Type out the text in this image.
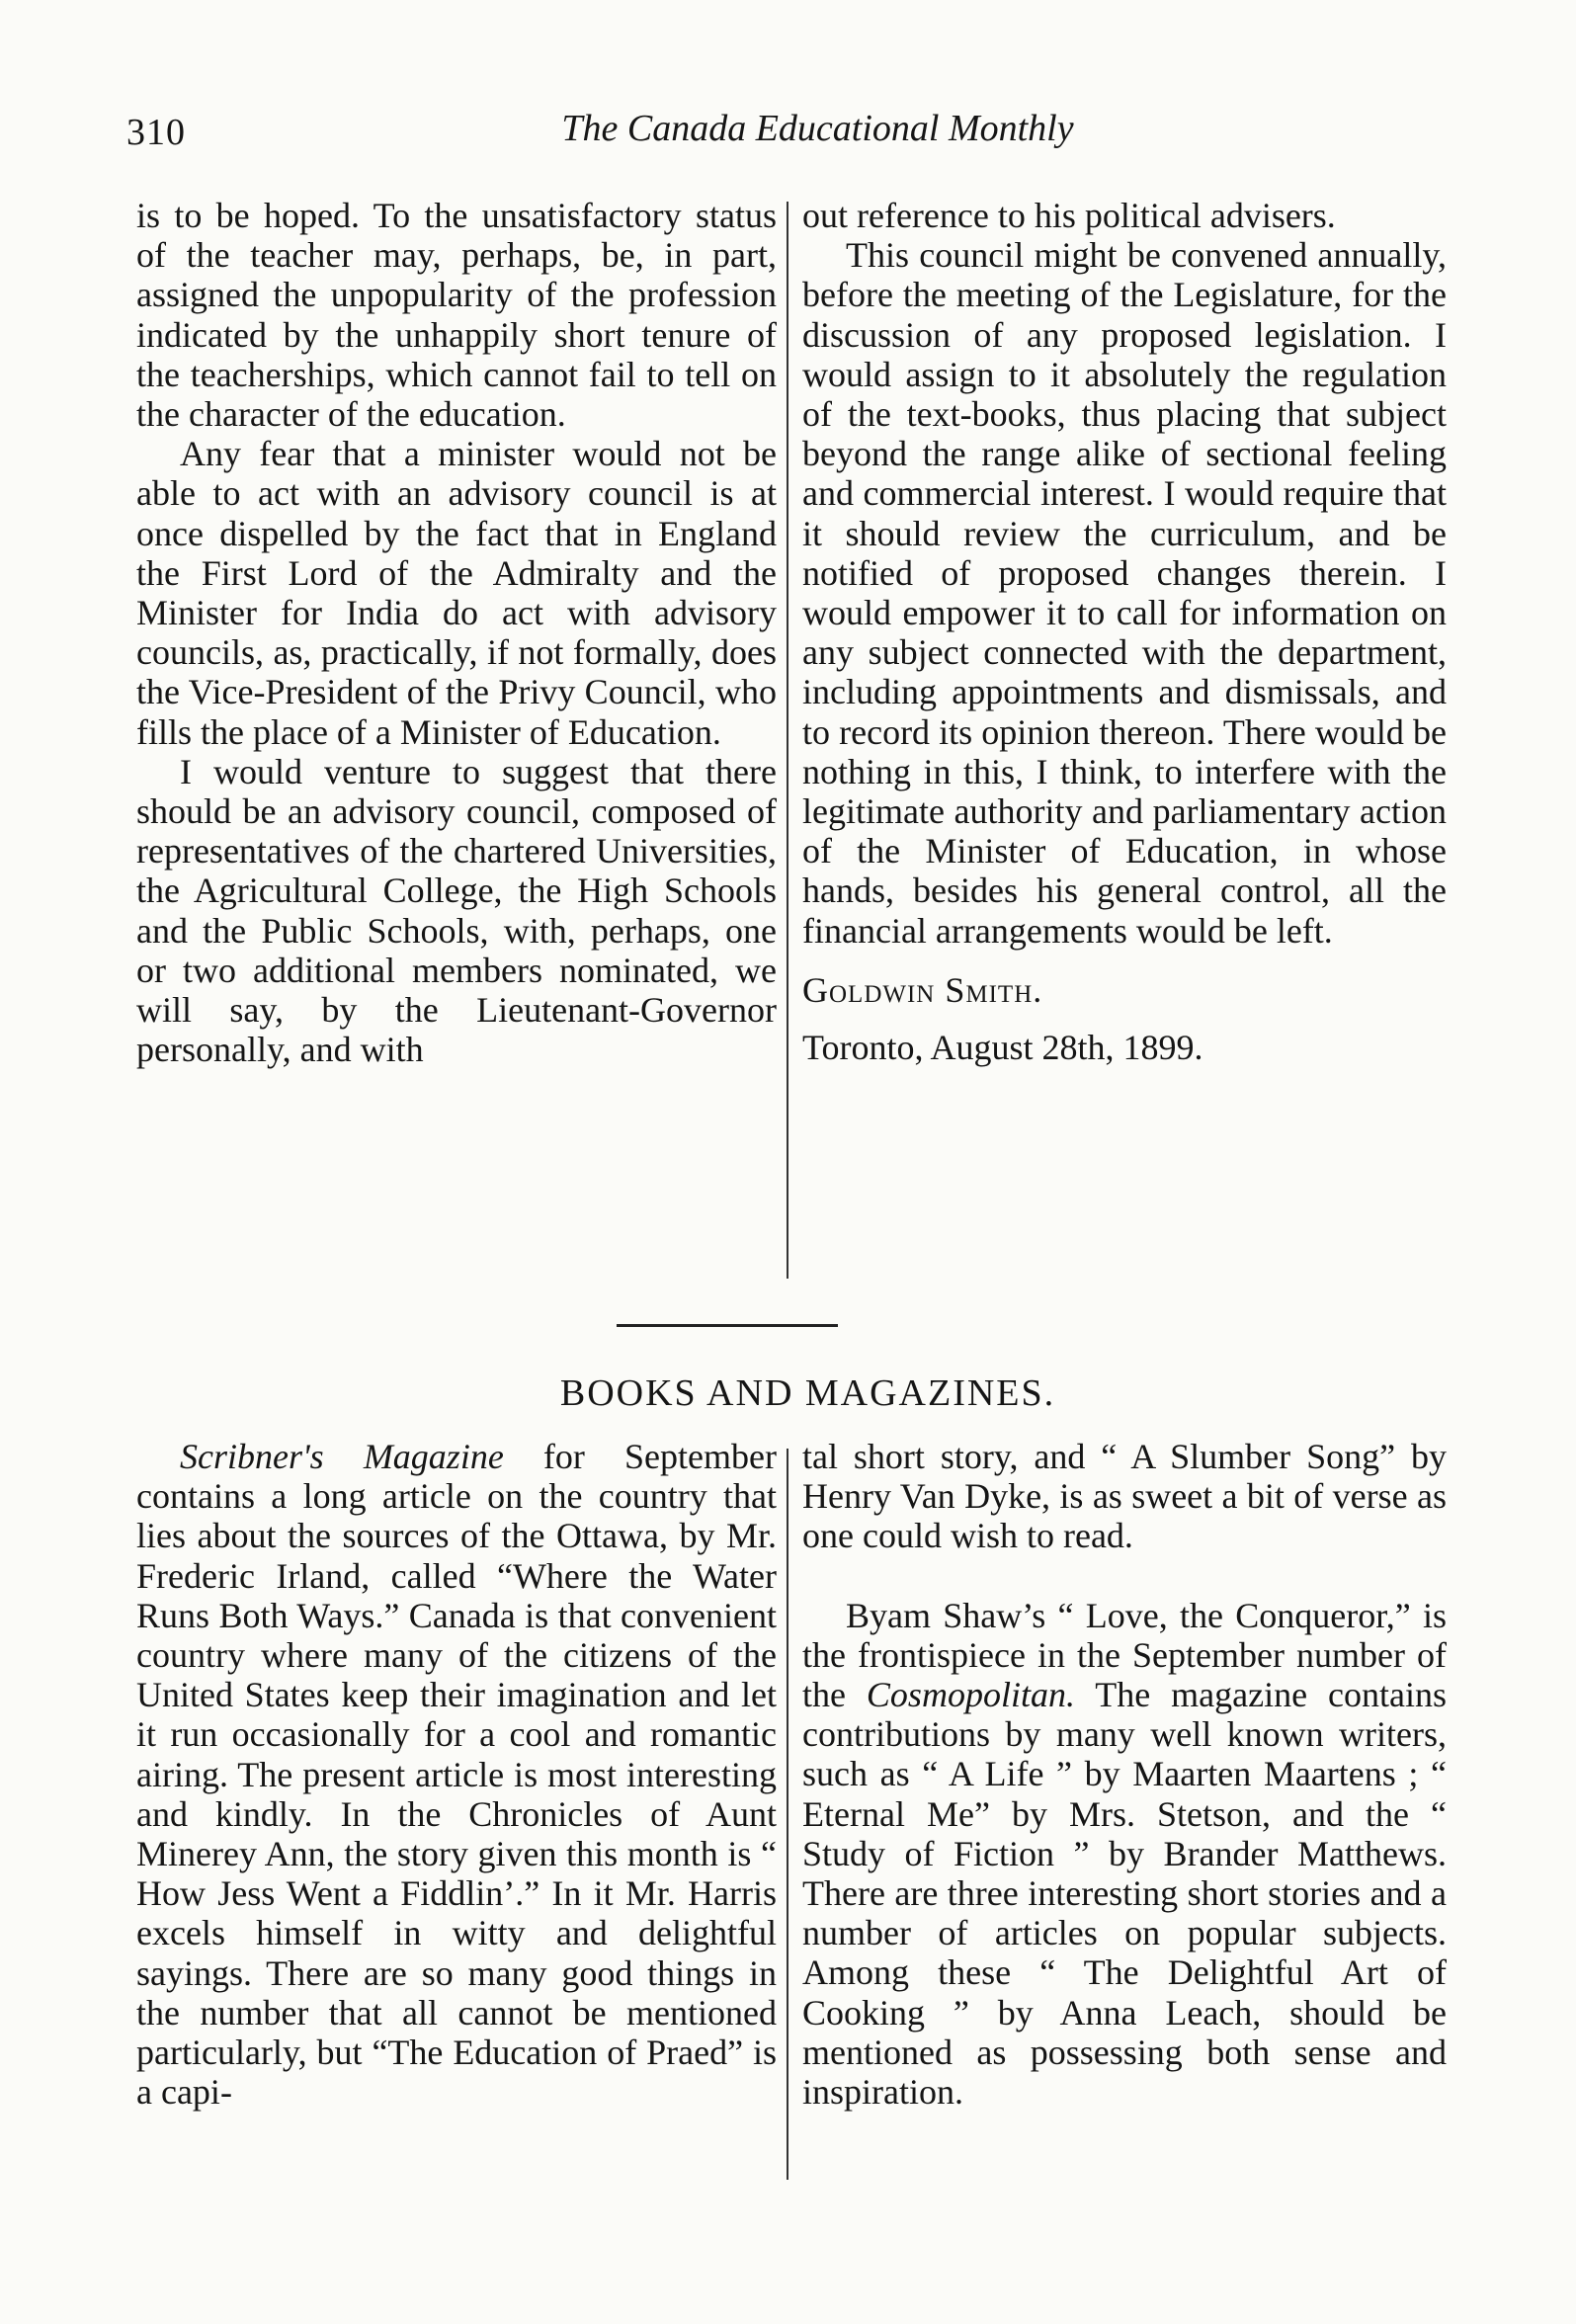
310	The Canada Educational Monthly

is to be hoped. To the unsatisfactory status of the teacher may, perhaps, be, in part, assigned the unpopularity of the profession indicated by the unhappily short tenure of the teacherships, which cannot fail to tell on the character of the education.

Any fear that a minister would not be able to act with an advisory council is at once dispelled by the fact that in England the First Lord of the Admiralty and the Minister for India do act with advisory councils, as, practically, if not formally, does the Vice-President of the Privy Council, who fills the place of a Minister of Education.

I would venture to suggest that there should be an advisory council, composed of representatives of the chartered Universities, the Agricultural College, the High Schools and the Public Schools, with, perhaps, one or two additional members nominated, we will say, by the Lieutenant-Governor personally, and with

out reference to his political advisers.

This council might be convened annually, before the meeting of the Legislature, for the discussion of any proposed legislation. I would assign to it absolutely the regulation of the text-books, thus placing that subject beyond the range alike of sectional feeling and commercial interest. I would require that it should review the curriculum, and be notified of proposed changes therein. I would empower it to call for information on any subject connected with the department, including appointments and dismissals, and to record its opinion thereon. There would be nothing in this, I think, to interfere with the legitimate authority and parliamentary action of the Minister of Education, in whose hands, besides his general control, all the financial arrangements would be left.

Goldwin Smith.

Toronto, August 28th, 1899.

BOOKS AND MAGAZINES.

Scribner's Magazine for September contains a long article on the country that lies about the sources of the Ottawa, by Mr. Frederic Irland, called “Where the Water Runs Both Ways.” Canada is that convenient country where many of the citizens of the United States keep their imagination and let it run occasionally for a cool and romantic airing. The present article is most interesting and kindly. In the Chronicles of Aunt Minerey Ann, the story given this month is “ How Jess Went a Fiddlin’.” In it Mr. Harris excels himself in witty and delightful sayings. There are so many good things in the number that all cannot be mentioned particularly, but “The Education of Praed” is a capi-

tal short story, and “ A Slumber Song” by Henry Van Dyke, is as sweet a bit of verse as one could wish to read.

Byam Shaw’s “ Love, the Conqueror,” is the frontispiece in the September number of the Cosmopolitan. The magazine contains contributions by many well known writers, such as “ A Life ” by Maarten Maartens ; “ Eternal Me” by Mrs. Stetson, and the “ Study of Fiction ” by Brander Matthews. There are three interesting short stories and a number of articles on popular subjects. Among these “ The Delightful Art of Cooking ” by Anna Leach, should be mentioned as possessing both sense and inspiration.
